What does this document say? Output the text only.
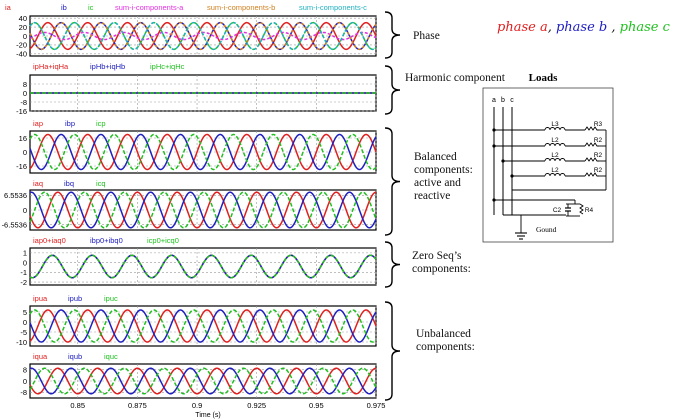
40
20
0
-20
-40
ia	ib	ic	sum-i-components-a	sum-i-components-b	sum-i-components-c
8
0
-8
-16
ipHa+iqHa	ipHb+iqHb	ipHc+iqHc
16
0
-16
iap	ibp	icp
6.5536
0
-6.5536
iaq	ibq	icq
1
0
-1
-2
iap0+iaq0	ibp0+ibq0	icp0+icq0
5
0
-5
-10
ipua	ipub	ipuc
8
0
-8
iqua	iqub	iquc
0.85	0.875	0.9	0.925	0.95	0.975
Time (s)
Loads
a b c
L3	R3
L2	R2
L2	R2
L2	R2
C2	R4
Gound
Phase
Harmonic component
Balanced
components:
active and
reactive
Zero Seq’s
components:
Unbalanced
components:
phase a, phase b , phase c
